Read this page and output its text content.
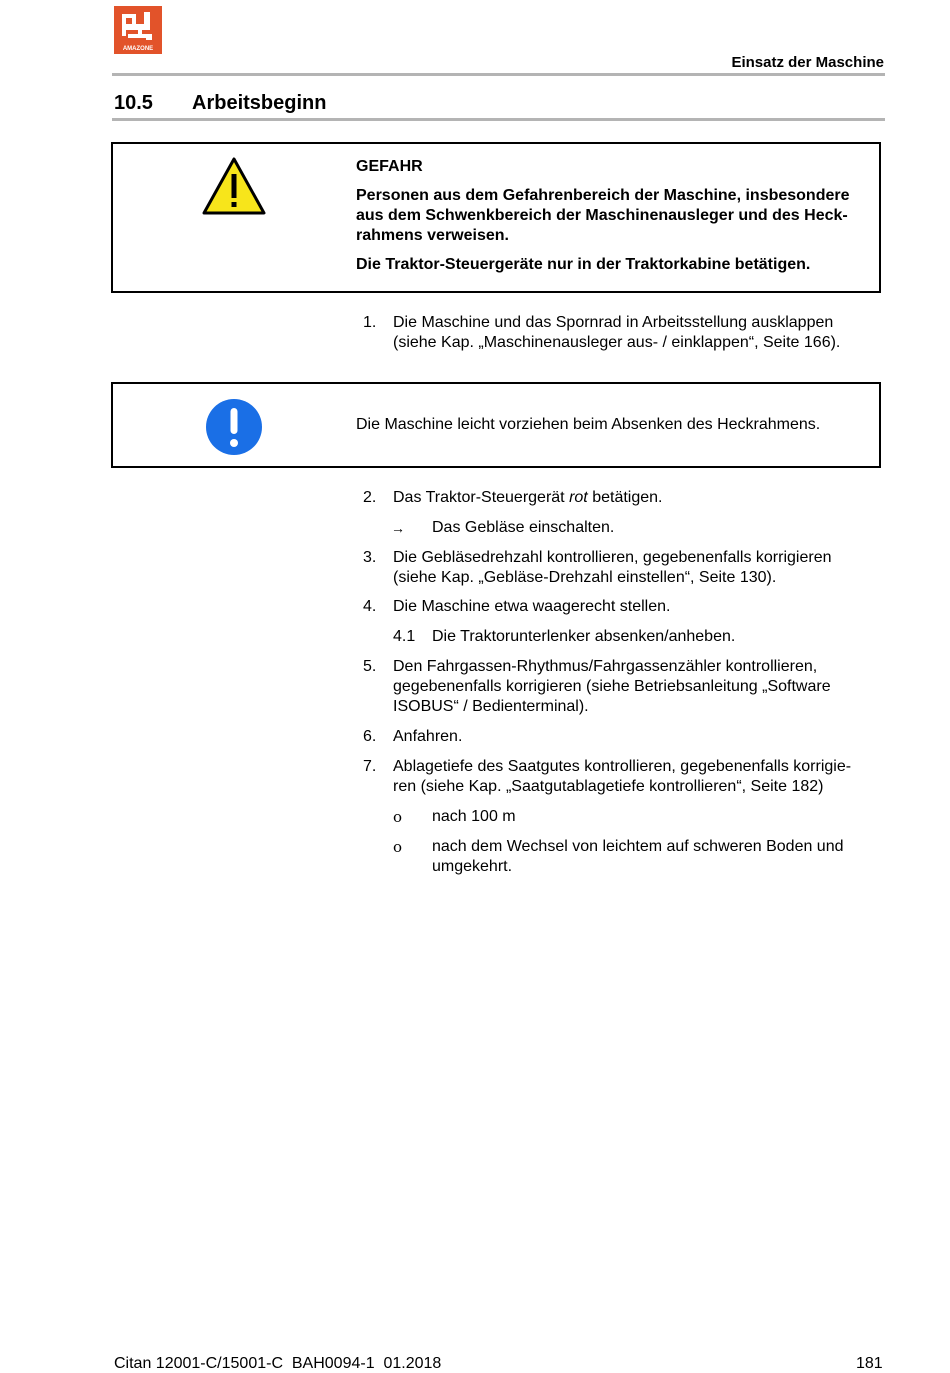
AMAZONE
Einsatz der Maschine
10.5 Arbeitsbeginn

GEFAHR

Personen aus dem Gefahrenbereich der Maschine, insbesondere

aus dem Schwenkbereich der Maschinenausleger und des Heck-

rahmens verweisen.

Die Traktor-Steuergeräte nur in der Traktorkabine betätigen.

1. Die Maschine und das Spornrad in Arbeitsstellung ausklappen
(siehe Kap. „Maschinenausleger aus- / einklappen“, Seite 166).
Die Maschine leicht vorziehen beim Absenken des Heckrahmens.
2. Das Traktor-Steuergerät rot betätigen.
→ Das Gebläse einschalten.
3. Die Gebläsedrehzahl kontrollieren, gegebenenfalls korrigieren
(siehe Kap. „Gebläse-Drehzahl einstellen“, Seite 130).
4. Die Maschine etwa waagerecht stellen.
4.1 Die Traktorunterlenker absenken/anheben.
5. Den Fahrgassen-Rhythmus/Fahrgassenzähler kontrollieren,
gegebenenfalls korrigieren (siehe Betriebsanleitung „Software
ISOBUS“ / Bedienterminal).
6. Anfahren.
7. Ablagetiefe des Saatgutes kontrollieren, gegebenenfalls korrigie-
ren (siehe Kap. „Saatgutablagetiefe kontrollieren“, Seite 182)
ο nach 100 m
ο nach dem Wechsel von leichtem auf schweren Boden und
umgekehrt.
Citan 12001-C/15001-C  BAH0094-1  01.2018	181
